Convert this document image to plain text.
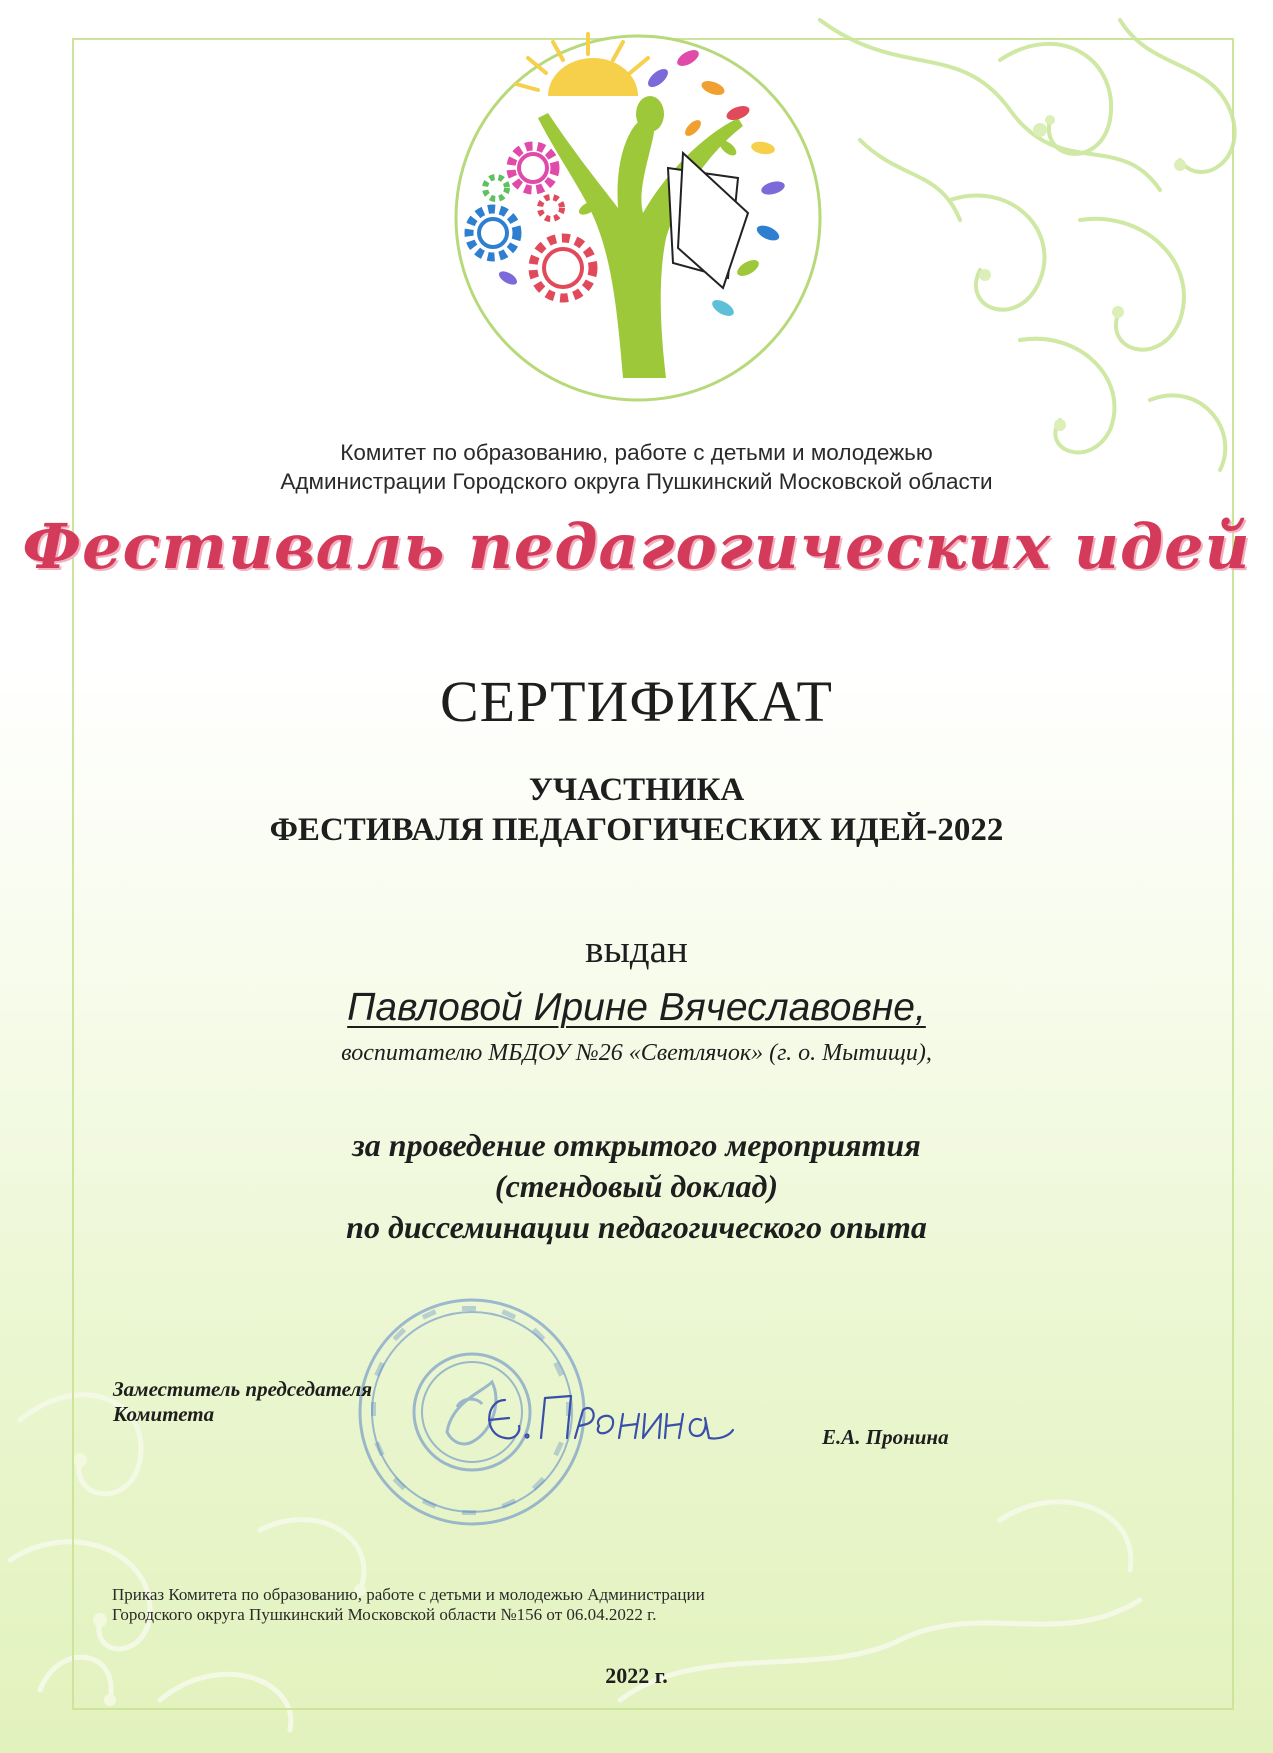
Комитет по образованию, работе с детьми и молодежью
Администрации Городского округа Пушкинский Московской области
Фестиваль педагогических идей
СЕРТИФИКАТ
УЧАСТНИКА
ФЕСТИВАЛЯ ПЕДАГОГИЧЕСКИХ ИДЕЙ-2022
выдан
Павловой Ирине Вячеславовне,
воспитателю МБДОУ №26 «Светлячок» (г. о. Мытищи),
за проведение открытого мероприятия
(стендовый доклад)
по диссеминации педагогического опыта
Заместитель председателя
Комитета
Е.А. Пронина
Приказ Комитета по образованию, работе с детьми и молодежью Администрации
Городского округа Пушкинский Московской области №156 от 06.04.2022 г.
2022 г.
